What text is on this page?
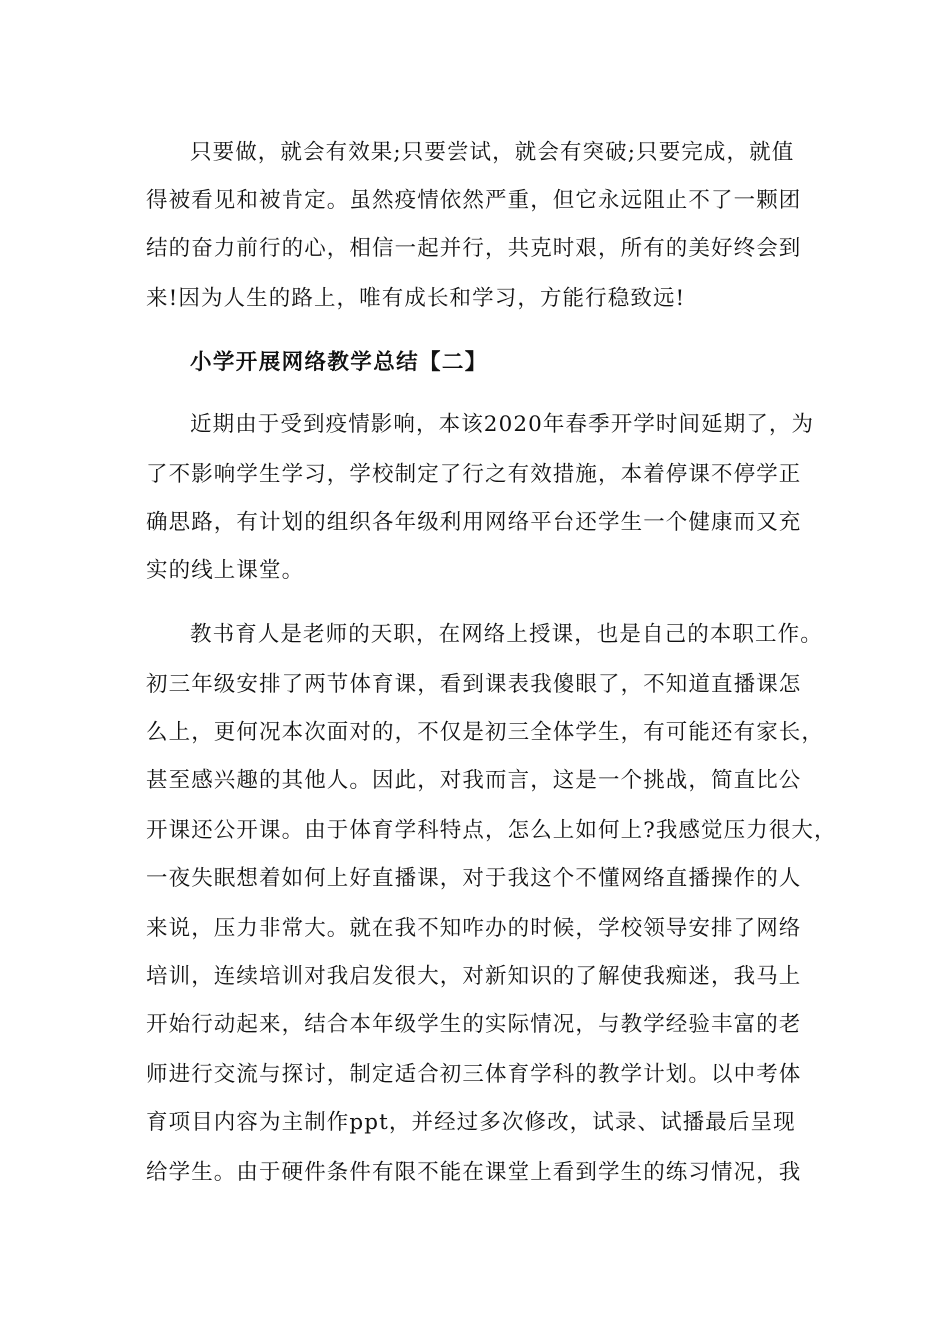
只要做，就会有效果;只要尝试，就会有突破;只要完成，就值
得被看见和被肯定。虽然疫情依然严重，但它永远阻止不了一颗团
结的奋力前行的心，相信一起并行，共克时艰，所有的美好终会到
来!因为人生的路上，唯有成长和学习，方能行稳致远!
小学开展网络教学总结【二】
近期由于受到疫情影响，本该2020年春季开学时间延期了，为
了不影响学生学习，学校制定了行之有效措施，本着停课不停学正
确思路，有计划的组织各年级利用网络平台还学生一个健康而又充
实的线上课堂。
教书育人是老师的天职，在网络上授课，也是自己的本职工作。
初三年级安排了两节体育课，看到课表我傻眼了，不知道直播课怎
么上，更何况本次面对的，不仅是初三全体学生，有可能还有家长，
甚至感兴趣的其他人。因此，对我而言，这是一个挑战，简直比公
开课还公开课。由于体育学科特点，怎么上如何上?我感觉压力很大，
一夜失眠想着如何上好直播课，对于我这个不懂网络直播操作的人
来说，压力非常大。就在我不知咋办的时候，学校领导安排了网络
培训，连续培训对我启发很大，对新知识的了解使我痴迷，我马上
开始行动起来，结合本年级学生的实际情况，与教学经验丰富的老
师进行交流与探讨，制定适合初三体育学科的教学计划。以中考体
育项目内容为主制作ppt，并经过多次修改，试录、试播最后呈现
给学生。由于硬件条件有限不能在课堂上看到学生的练习情况，我
